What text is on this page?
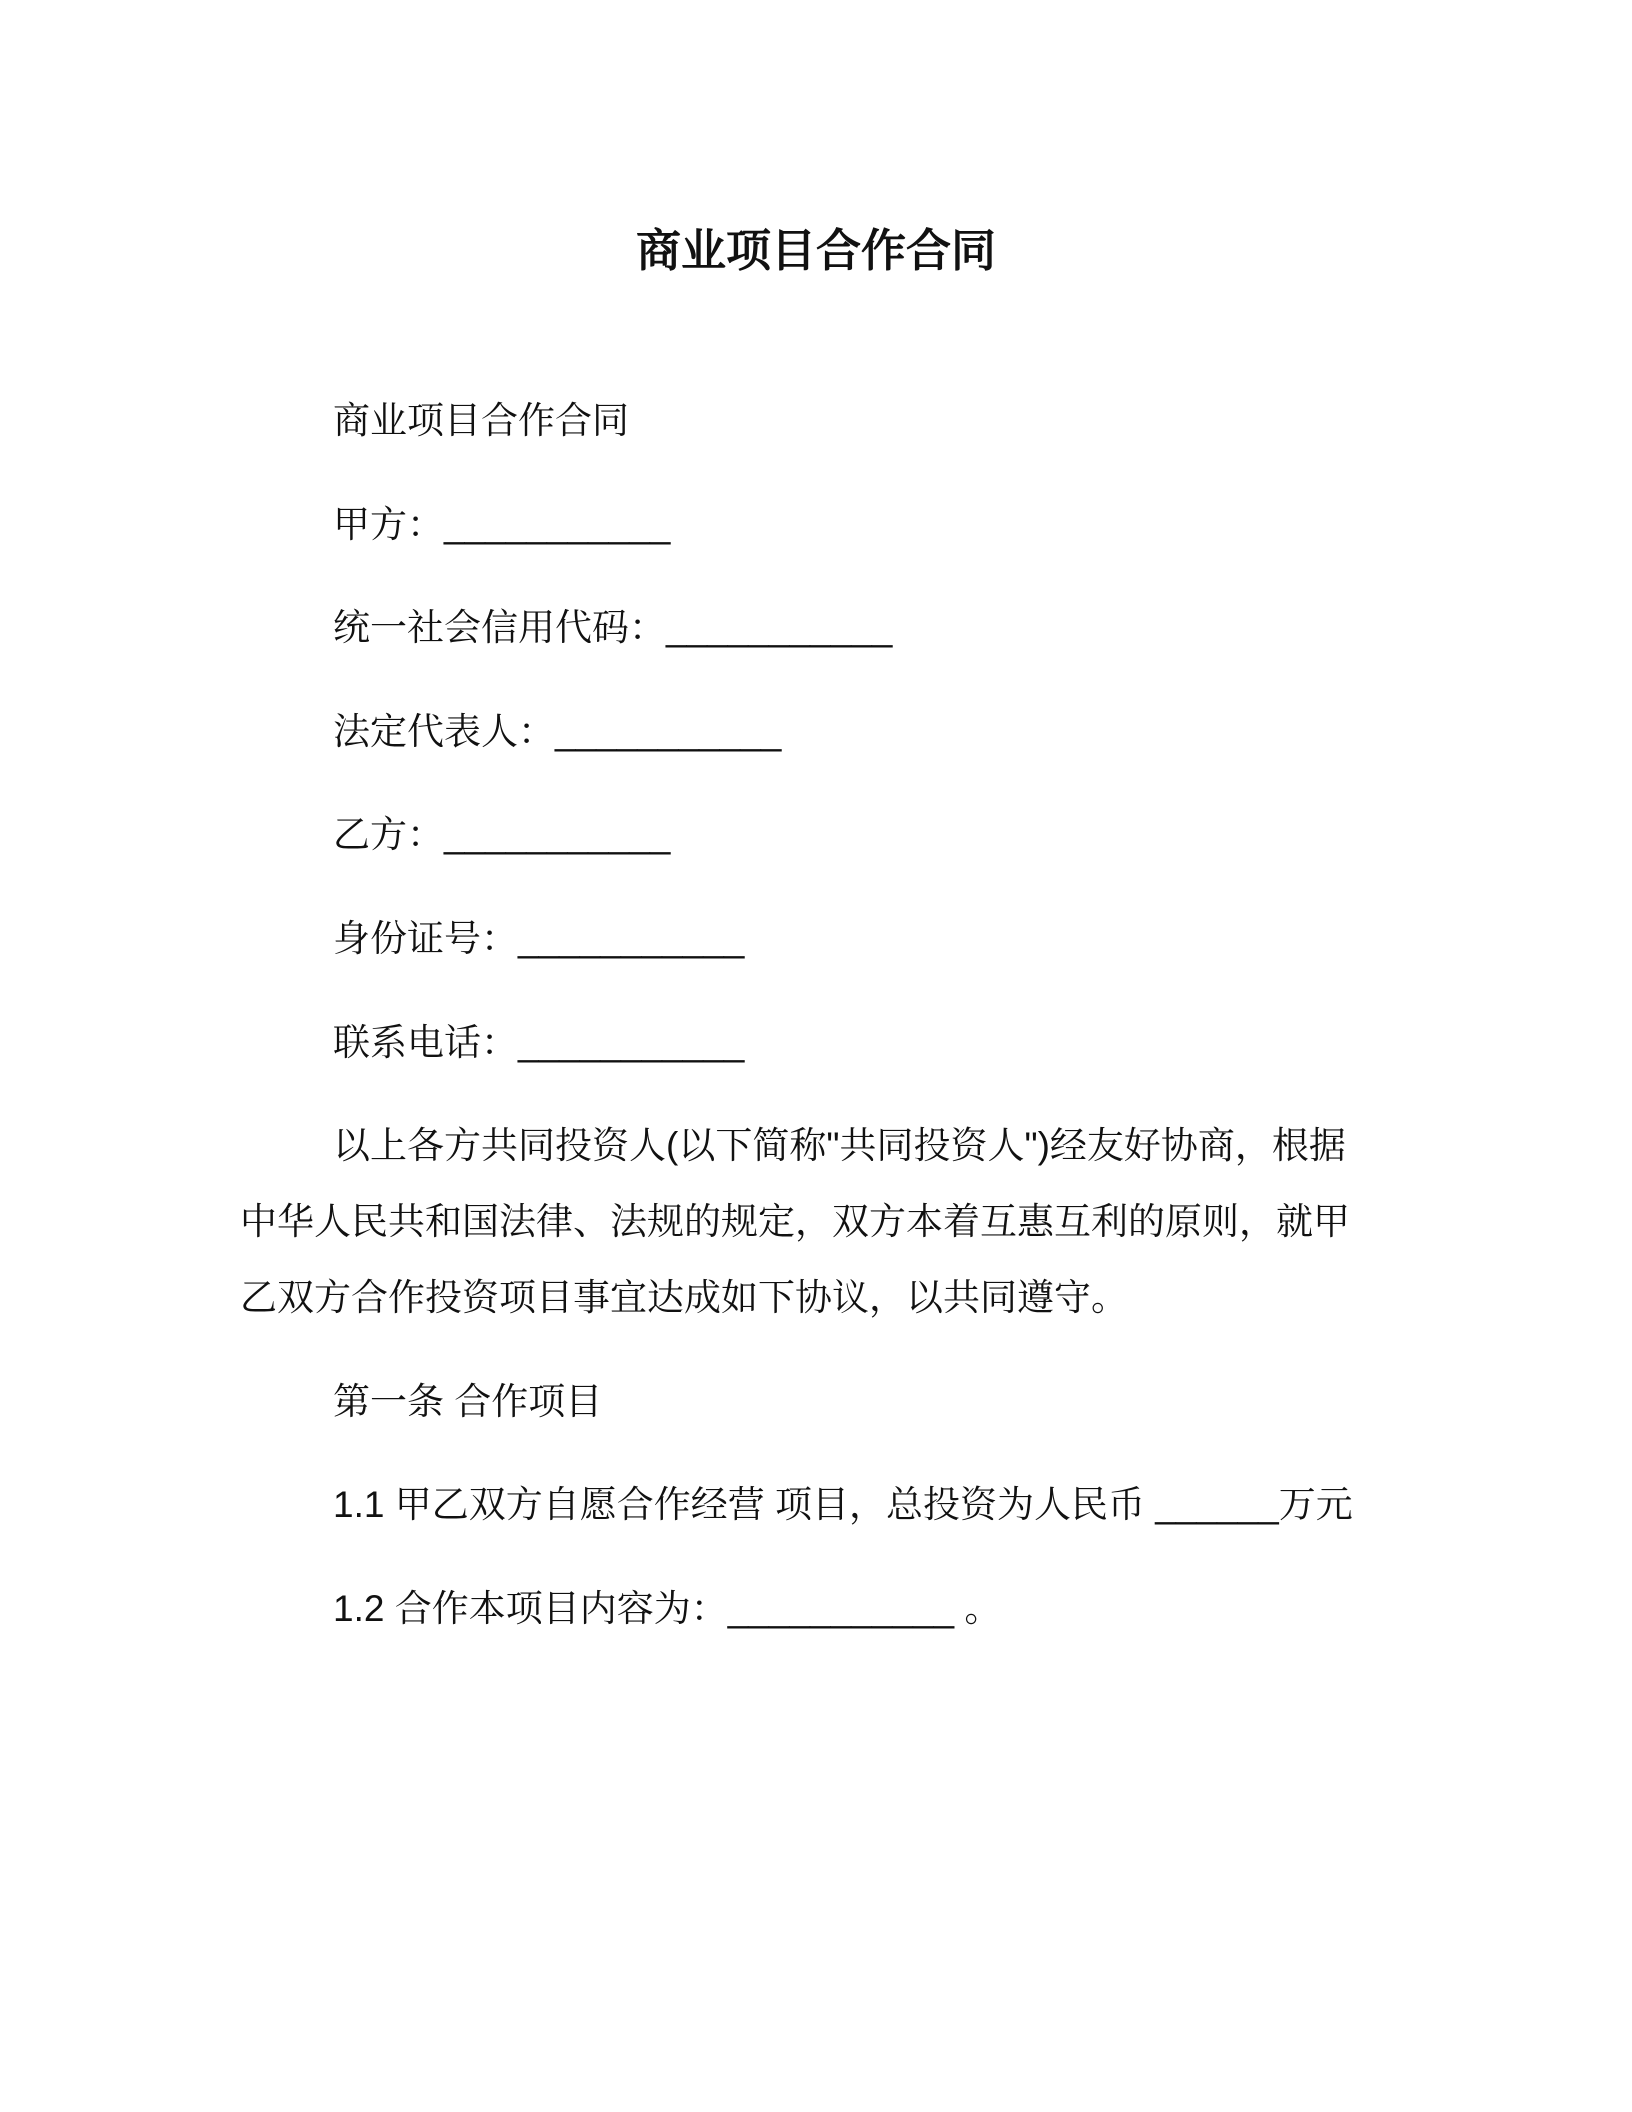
商业项目合作合同
商业项目合作合同
甲方：___________
统一社会信用代码：___________
法定代表人：___________
乙方：___________
身份证号：___________
联系电话：___________
以上各方共同投资人(以下简称"共同投资人")经友好协商，根据
中华人民共和国法律、法规的规定，双方本着互惠互利的原则，就甲
乙双方合作投资项目事宜达成如下协议，以共同遵守。
第一条 合作项目
1.1 甲乙双方自愿合作经营 项目，总投资为人民币 ______万元
1.2 合作本项目内容为：___________ 。
